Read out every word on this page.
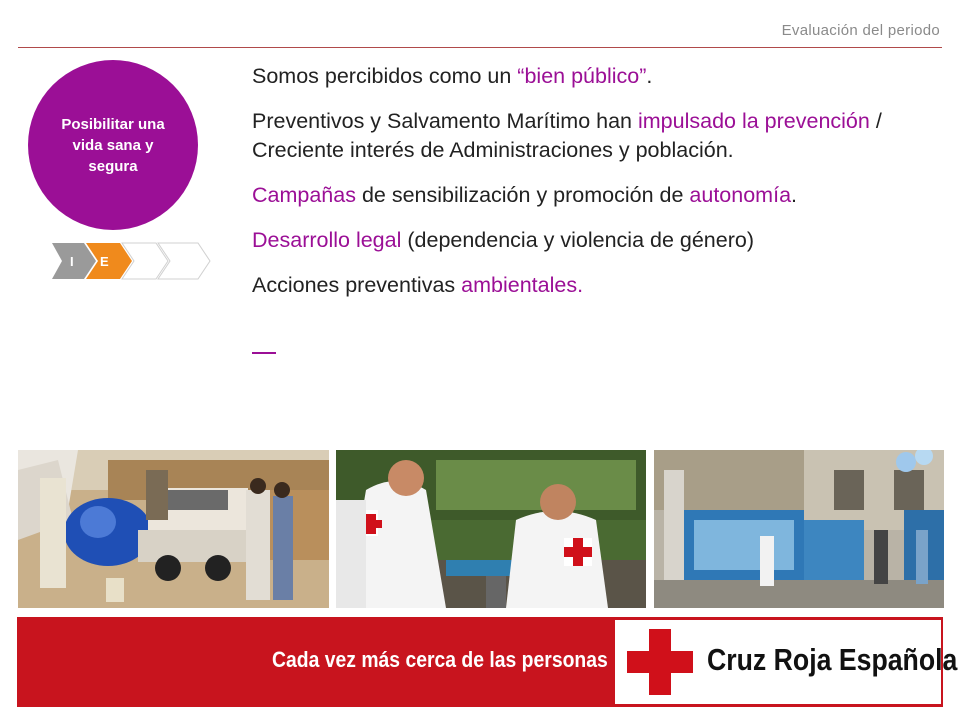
Evaluación del periodo
Posibilitar una vida sana y segura
I E
Somos percibidos como un “bien público”.
Preventivos y Salvamento Marítimo han impulsado la prevención / Creciente interés de Administraciones y población.
Campañas de sensibilización y promoción de autonomía.
Desarrollo legal (dependencia y violencia de género)
Acciones preventivas ambientales.
Cada vez más cerca de las personas	Cruz Roja Española
